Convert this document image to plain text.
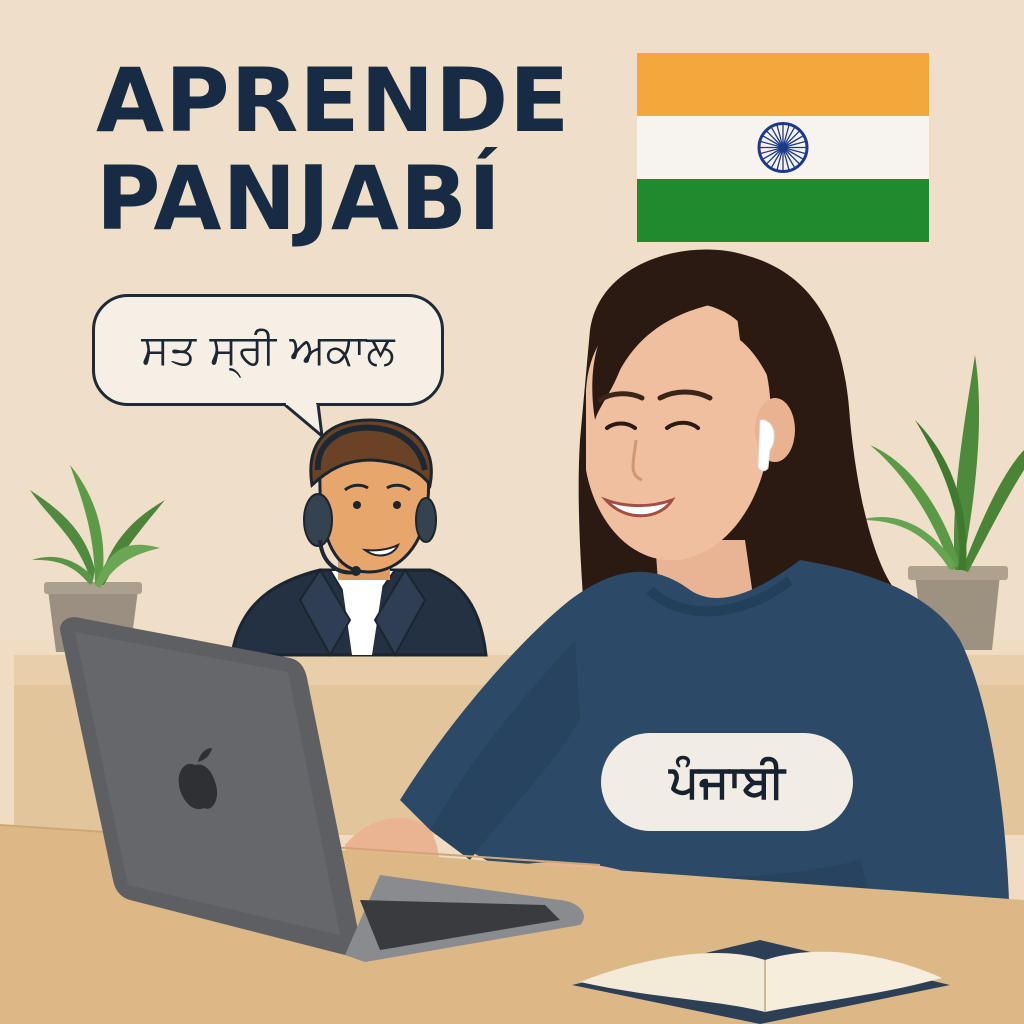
APRENDE
PANJABÍ
ਸਤ ਸ੍ਰੀ ਅਕਾਲ
ਪੰਜਾਬੀ
